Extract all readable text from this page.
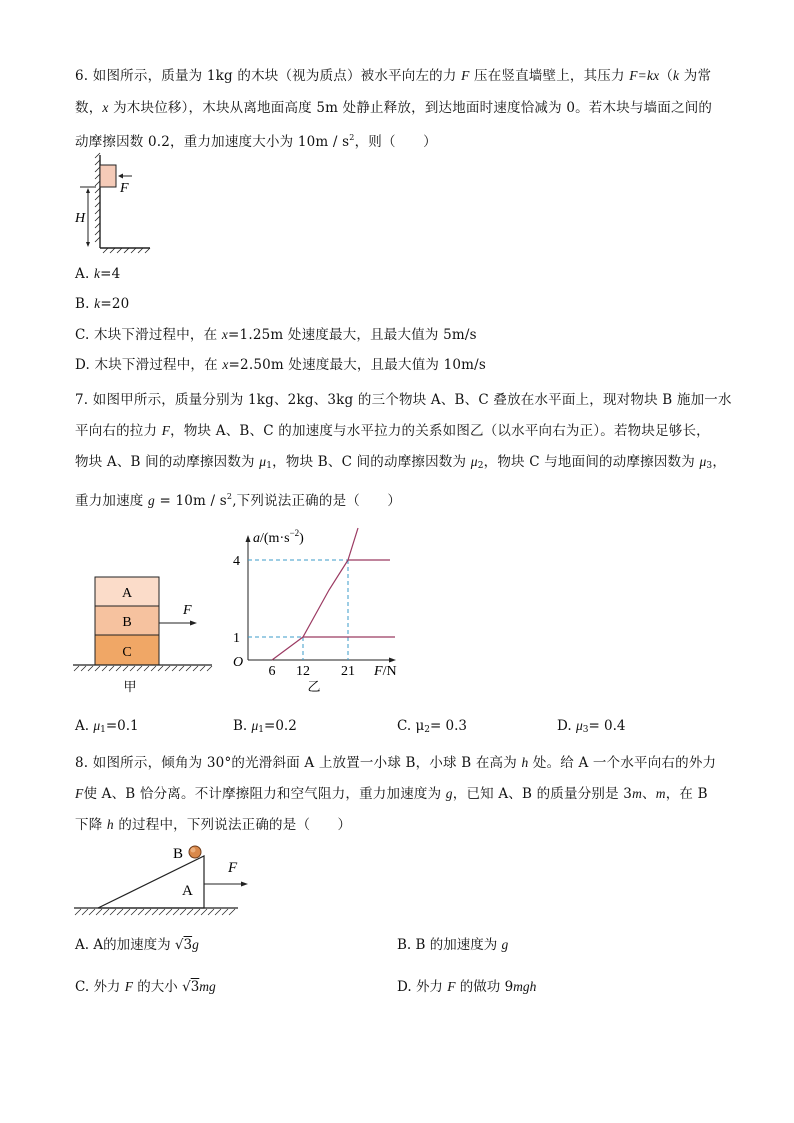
6. 如图所示，质量为 1kg 的木块（视为质点）被水平向左的力 F 压在竖直墙壁上，其压力 F=kx（k 为常
数，x 为木块位移），木块从离地面高度 5m 处静止释放，到达地面时速度恰减为 0。若木块与墙面之间的
动摩擦因数 0.2，重力加速度大小为 $10m / s^2$，则（　　）
F
H
A. k=4
B. k=20
C. 木块下滑过程中，在 x=1.25m 处速度最大，且最大值为 5m/s
D. 木块下滑过程中，在 x=2.50m 处速度最大，且最大值为 10m/s
7. 如图甲所示，质量分别为 1kg、2kg、3kg 的三个物块 A、B、C 叠放在水平面上，现对物块 B 施加一水
平向右的拉力 F，物块 A、B、C 的加速度与水平拉力的关系如图乙（以水平向右为正）。若物块足够长，
物块 A、B 间的动摩擦因数为 $\mu_1$，物块 B、C 间的动摩擦因数为 $\mu_2$，物块 C 与地面间的动摩擦因数为 $\mu_3$，
重力加速度 $g = 10m / s^2$,下列说法正确的是（　　）
A
B
C
F
甲
O
4
1
6 12 21 F/N
$a/(m\cdot s^{-2})$
乙
A. $\mu_1=0.1$	B. $\mu_1=0.2$	C. $\mu_2= 0.3$	D. $\mu_3= 0.4$
8. 如图所示，倾角为 30°的光滑斜面 A 上放置一小球 B，小球 B 在高为 h 处。给 A 一个水平向右的外力
F使 A、B 恰分离。不计摩擦阻力和空气阻力，重力加速度为 g，已知 A、B 的质量分别是 3m、m，在 B
下降 h 的过程中，下列说法正确的是（　　）
B
A
F
A. A的加速度为 √3g	B. B 的加速度为 g
C. 外力 F 的大小 √3mg	D. 外力 F 的做功 9mgh
